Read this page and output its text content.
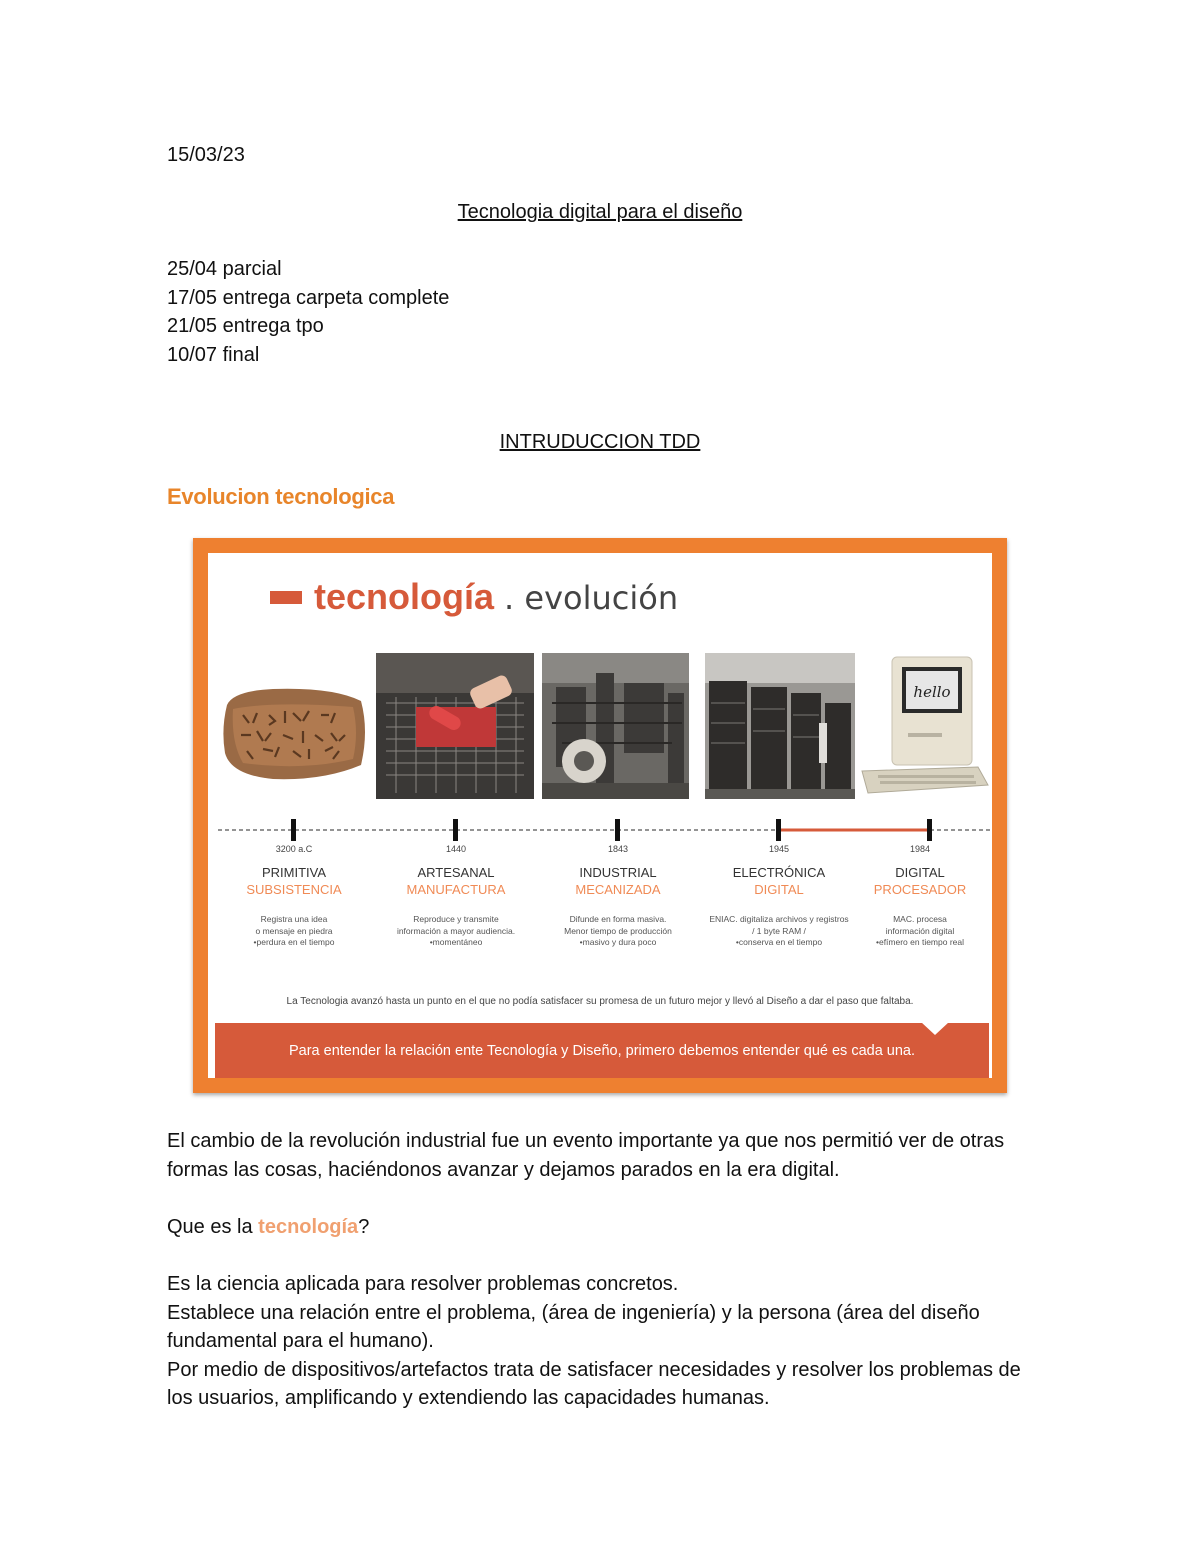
15/03/23

Tecnologia digital para el diseño

25/04 parcial

17/05 entrega carpeta complete

21/05 entrega tpo

10/07 final

INTRUDUCCION TDD

Evolucion tecnologica

tecnología . evolución
hello
3200 a.C
PRIMITIVA
SUBSISTENCIA
Registra una idea
o mensaje en piedra
•perdura en el tiempo
1440
ARTESANAL
MANUFACTURA
Reproduce y transmite
información a mayor audiencia.
•momentáneo
1843
INDUSTRIAL
MECANIZADA
Difunde en forma masiva.
Menor tiempo de producción
•masivo y dura poco
1945
ELECTRÓNICA
DIGITAL
ENIAC. digitaliza archivos y registros
/ 1 byte RAM /
•conserva en el tiempo
1984
DIGITAL
PROCESADOR
MAC. procesa
información digital
•efímero en tiempo real
La Tecnologia avanzó hasta un punto en el que no podía satisfacer su promesa de un futuro mejor y llevó al Diseño a dar el paso que faltaba.
Para entender la relación ente Tecnología y Diseño, primero debemos entender qué es cada una.

El cambio de la revolución industrial fue un evento importante ya que nos permitió ver de otras formas las cosas, haciéndonos avanzar y dejamos parados en la era digital.

Que es la tecnología?

Es la ciencia aplicada para resolver problemas concretos.

Establece una relación entre el problema, (área de ingeniería) y la persona (área del diseño fundamental para el humano).

Por medio de dispositivos/artefactos trata de satisfacer necesidades y resolver los problemas de los usuarios, amplificando y extendiendo las capacidades humanas.
